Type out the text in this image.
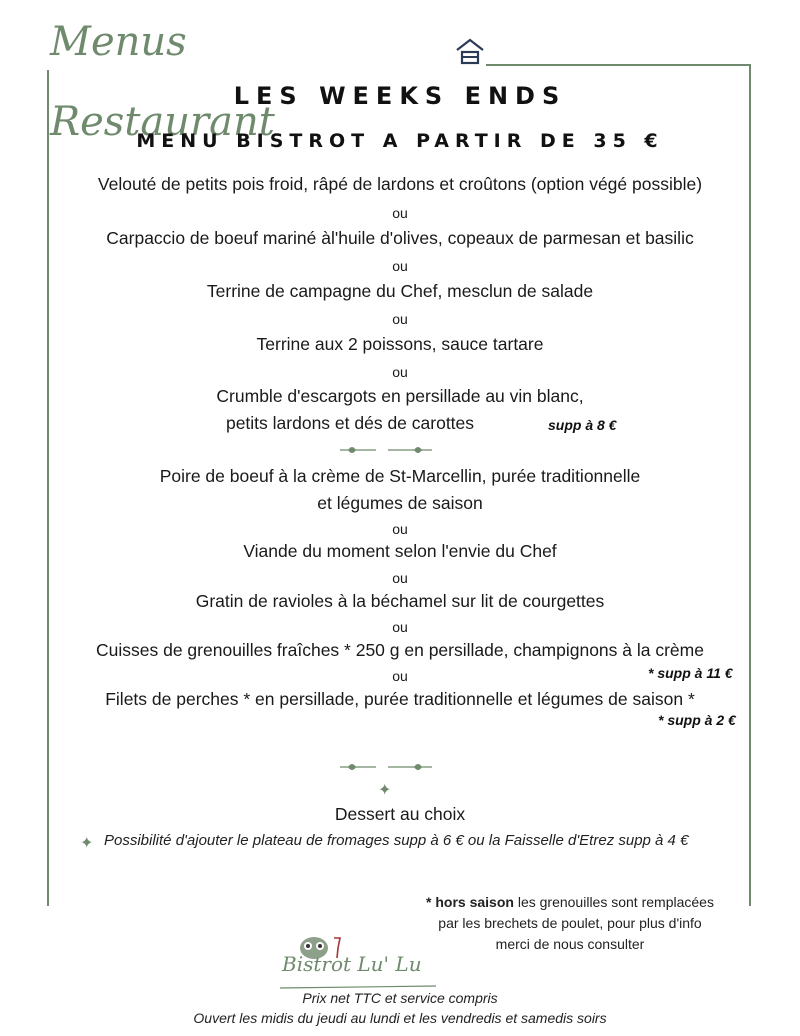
Menus Restaurant
LES WEEKS ENDS
MENU BISTROT A PARTIR DE 35 €
Velouté de petits pois froid, râpé de lardons et croûtons (option végé possible)
ou
Carpaccio de boeuf mariné àl'huile d'olives, copeaux de parmesan et basilic
ou
Terrine de campagne du Chef, mesclun de salade
ou
Terrine aux 2 poissons, sauce tartare
ou
Crumble d'escargots en persillade au vin blanc,
petits lardons et dés de carottes	supp à 8 €
Poire de boeuf à la crème de St-Marcellin, purée traditionnelle
et légumes de saison
ou
Viande du moment selon l'envie du Chef
ou
Gratin de ravioles à la béchamel sur lit de courgettes
ou
Cuisses de grenouilles fraîches * 250 g en persillade, champignons à la crème
ou	* supp à 11 €
Filets de perches * en persillade, purée traditionnelle et légumes de saison *
* supp à 2 €
✦
Dessert au choix
✦ Possibilité d'ajouter le plateau de fromages supp à 6 € ou la Faisselle d'Etrez supp à 4 €
* hors saison les grenouilles sont remplacées
par les brechets de poulet, pour plus d'info
merci de nous consulter
Bistrot Lu' Lu
Prix net TTC et service compris
Ouvert les midis du jeudi au lundi et les vendredis et samedis soirs
